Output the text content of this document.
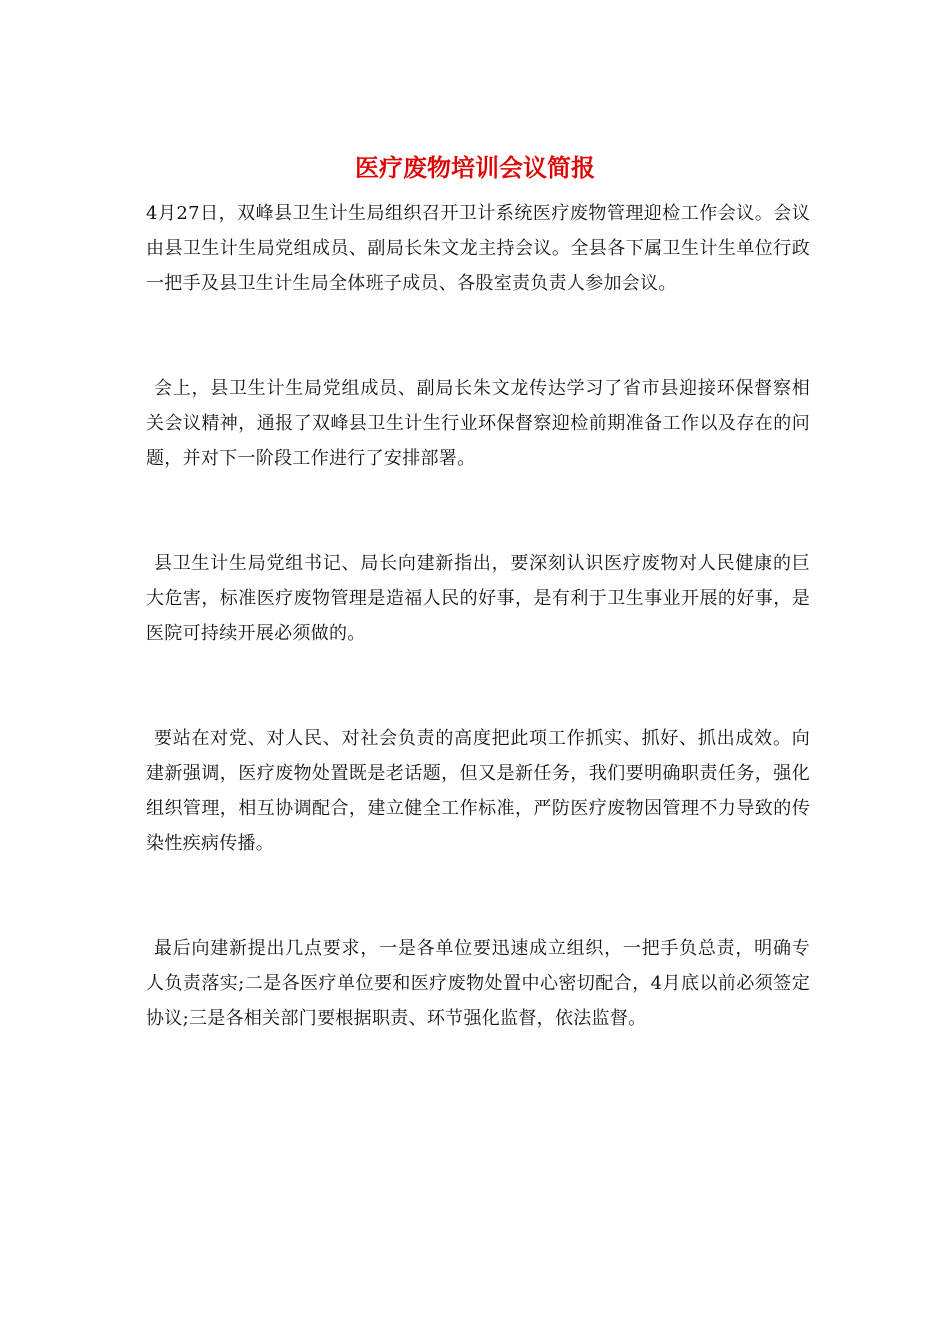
医疗废物培训会议简报

4月27日，双峰县卫生计生局组织召开卫计系统医疗废物管理迎检工作会议。会议由县卫生计生局党组成员、副局长朱文龙主持会议。全县各下属卫生计生单位行政一把手及县卫生计生局全体班子成员、各股室责负责人参加会议。

会上，县卫生计生局党组成员、副局长朱文龙传达学习了省市县迎接环保督察相关会议精神，通报了双峰县卫生计生行业环保督察迎检前期准备工作以及存在的问题，并对下一阶段工作进行了安排部署。

县卫生计生局党组书记、局长向建新指出，要深刻认识医疗废物对人民健康的巨大危害，标准医疗废物管理是造福人民的好事，是有利于卫生事业开展的好事，是医院可持续开展必须做的。

要站在对党、对人民、对社会负责的高度把此项工作抓实、抓好、抓出成效。向建新强调，医疗废物处置既是老话题，但又是新任务，我们要明确职责任务，强化组织管理，相互协调配合，建立健全工作标准，严防医疗废物因管理不力导致的传染性疾病传播。

最后向建新提出几点要求，一是各单位要迅速成立组织，一把手负总责，明确专人负责落实;二是各医疗单位要和医疗废物处置中心密切配合，4月底以前必须签定协议;三是各相关部门要根据职责、环节强化监督，依法监督。
